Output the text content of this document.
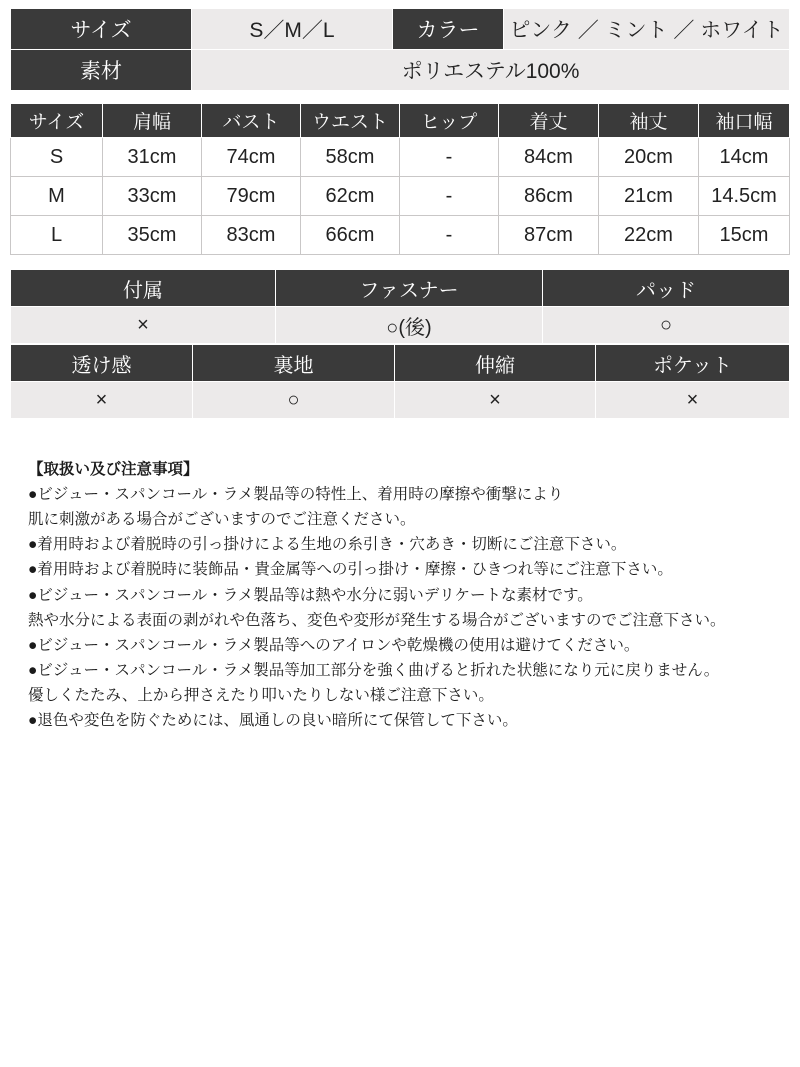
サイズ	S／M／L	カラー	ピンク ／ ミント ／ ホワイト
素材	ポリエステル100%		
サイズ	肩幅	バスト	ウエスト	ヒップ	着丈	袖丈	袖口幅
S	31cm	74cm	58cm	-	84cm	20cm	14cm
M	33cm	79cm	62cm	-	86cm	21cm	14.5cm
L	35cm	83cm	66cm	-	87cm	22cm	15cm
付属	ファスナー	パッド
×	○(後)	○
透け感	裏地	伸縮	ポケット
×	○	×	×

【取扱い及び注意事項】

●ビジュー・スパンコール・ラメ製品等の特性上、着用時の摩擦や衝撃により

肌に刺激がある場合がございますのでご注意ください。

●着用時および着脱時の引っ掛けによる生地の糸引き・穴あき・切断にご注意下さい。

●着用時および着脱時に装飾品・貴金属等への引っ掛け・摩擦・ひきつれ等にご注意下さい。

●ビジュー・スパンコール・ラメ製品等は熱や水分に弱いデリケートな素材です。

熱や水分による表面の剥がれや色落ち、変色や変形が発生する場合がございますのでご注意下さい。

●ビジュー・スパンコール・ラメ製品等へのアイロンや乾燥機の使用は避けてください。

●ビジュー・スパンコール・ラメ製品等加工部分を強く曲げると折れた状態になり元に戻りません。

優しくたたみ、上から押さえたり叩いたりしない様ご注意下さい。

●退色や変色を防ぐためには、風通しの良い暗所にて保管して下さい。
